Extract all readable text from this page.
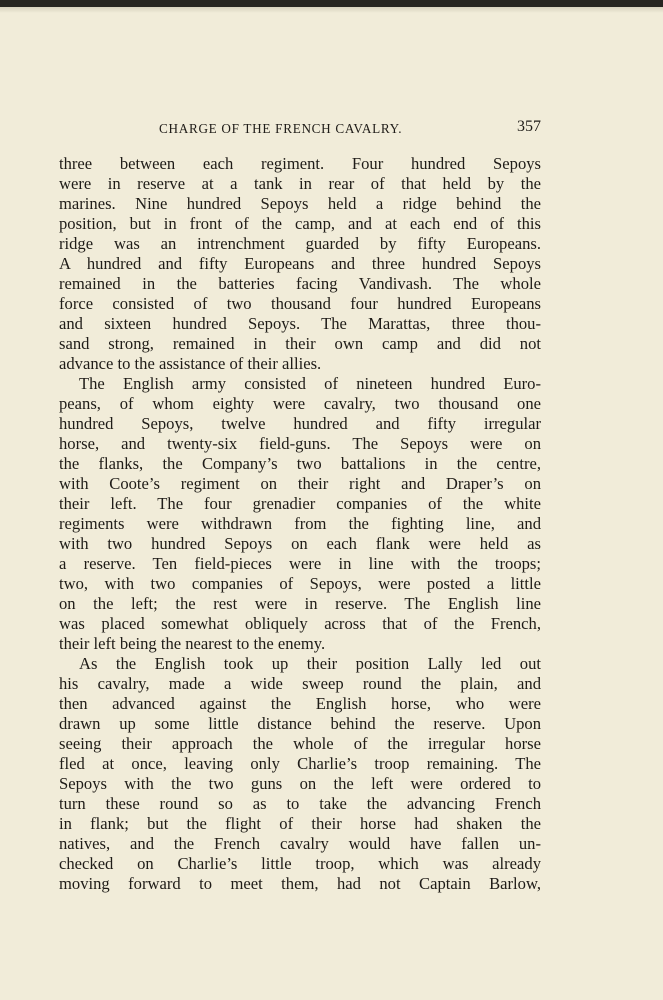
CHARGE OF THE FRENCH CAVALRY.	357
three between each regiment. Four hundred Sepoys
were in reserve at a tank in rear of that held by the
marines. Nine hundred Sepoys held a ridge behind the
position, but in front of the camp, and at each end of this
ridge was an intrenchment guarded by fifty Europeans.
A hundred and fifty Europeans and three hundred Sepoys
remained in the batteries facing Vandivash. The whole
force consisted of two thousand four hundred Europeans
and sixteen hundred Sepoys. The Marattas, three thou-
sand strong, remained in their own camp and did not
advance to the assistance of their allies.
The English army consisted of nineteen hundred Euro-
peans, of whom eighty were cavalry, two thousand one
hundred Sepoys, twelve hundred and fifty irregular
horse, and twenty-six field-guns. The Sepoys were on
the flanks, the Company’s two battalions in the centre,
with Coote’s regiment on their right and Draper’s on
their left. The four grenadier companies of the white
regiments were withdrawn from the fighting line, and
with two hundred Sepoys on each flank were held as
a reserve. Ten field-pieces were in line with the troops;
two, with two companies of Sepoys, were posted a little
on the left; the rest were in reserve. The English line
was placed somewhat obliquely across that of the French,
their left being the nearest to the enemy.
As the English took up their position Lally led out
his cavalry, made a wide sweep round the plain, and
then advanced against the English horse, who were
drawn up some little distance behind the reserve. Upon
seeing their approach the whole of the irregular horse
fled at once, leaving only Charlie’s troop remaining. The
Sepoys with the two guns on the left were ordered to
turn these round so as to take the advancing French
in flank; but the flight of their horse had shaken the
natives, and the French cavalry would have fallen un-
checked on Charlie’s little troop, which was already
moving forward to meet them, had not Captain Barlow,
